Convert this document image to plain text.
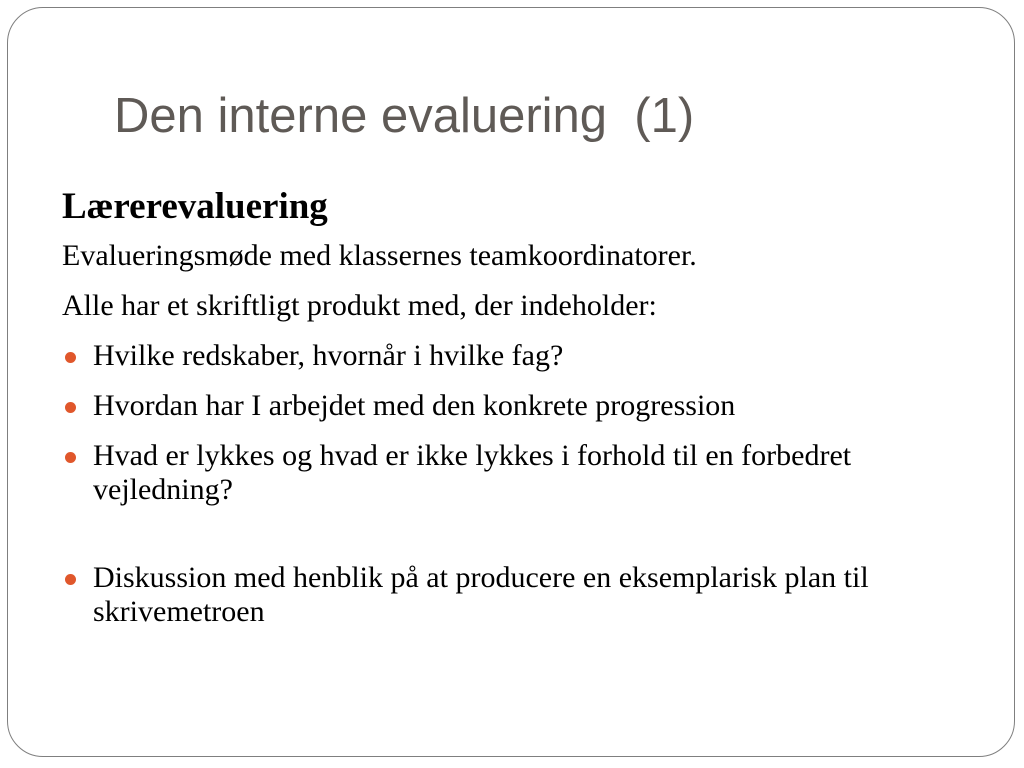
Den interne evaluering  (1)
Lærerevaluering
Evalueringsmøde med klassernes teamkoordinatorer.
Alle har et skriftligt produkt med, der indeholder:
Hvilke redskaber, hvornår i hvilke fag?
Hvordan har I arbejdet med den konkrete progression
Hvad er lykkes og hvad er ikke lykkes i forhold til en forbedret vejledning?
Diskussion med henblik på at producere en eksemplarisk plan til skrivemetroen
